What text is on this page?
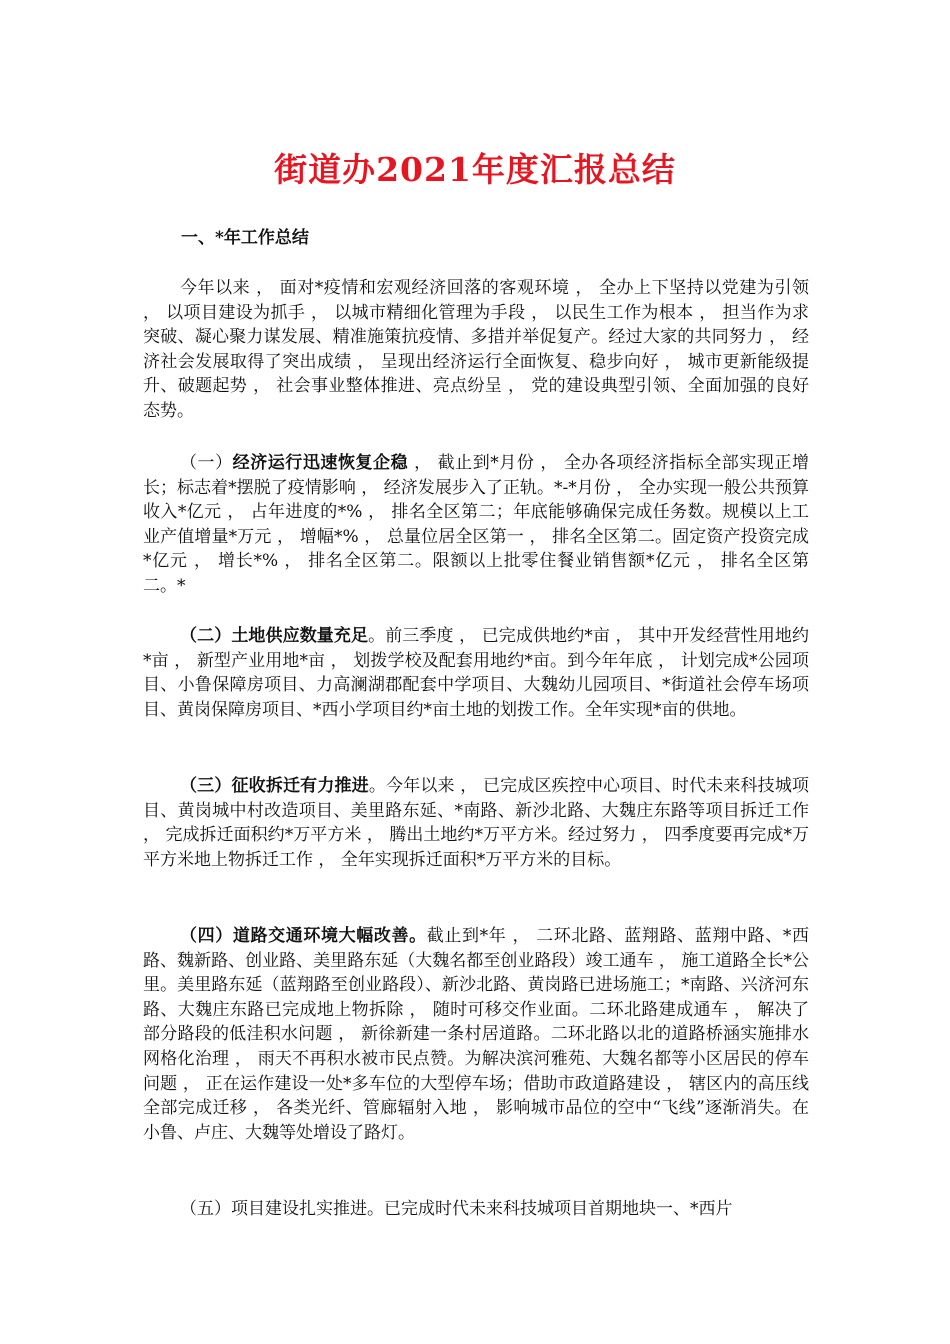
街道办2021年度汇报总结
一、*年工作总结

今年以来 ， 面对*疫情和宏观经济回落的客观环境 ， 全办上下坚持以党建为引领 ， 以项目建设为抓手 ， 以城市精细化管理为手段 ， 以民生工作为根本 ， 担当作为求突破、凝心聚力谋发展、精准施策抗疫情、多措并举促复产。经过大家的共同努力 ， 经济社会发展取得了突出成绩 ， 呈现出经济运行全面恢复、稳步向好 ， 城市更新能级提升、破题起势 ， 社会事业整体推进、亮点纷呈 ， 党的建设典型引领、全面加强的良好态势。

（一）经济运行迅速恢复企稳 ， 截止到*月份 ， 全办各项经济指标全部实现正增长；标志着*摆脱了疫情影响 ， 经济发展步入了正轨。*-*月份 ， 全办实现一般公共预算收入*亿元 ， 占年进度的*% ， 排名全区第二；年底能够确保完成任务数。规模以上工业产值增量*万元 ， 增幅*% ， 总量位居全区第一 ， 排名全区第二。固定资产投资完成*亿元 ， 增长*% ， 排名全区第二。限额以上批零住餐业销售额*亿元 ， 排名全区第二。*

（二）土地供应数量充足。前三季度 ， 已完成供地约*亩 ， 其中开发经营性用地约*亩 ， 新型产业用地*亩 ， 划拨学校及配套用地约*亩。到今年年底 ， 计划完成*公园项目、小鲁保障房项目、力高澜湖郡配套中学项目、大魏幼儿园项目、*街道社会停车场项目、黄岗保障房项目、*西小学项目约*亩土地的划拨工作。全年实现*亩的供地。

（三）征收拆迁有力推进。今年以来 ， 已完成区疾控中心项目、时代未来科技城项目、黄岗城中村改造项目、美里路东延、*南路、新沙北路、大魏庄东路等项目拆迁工作 ， 完成拆迁面积约*万平方米 ， 腾出土地约*万平方米。经过努力 ， 四季度要再完成*万平方米地上物拆迁工作 ， 全年实现拆迁面积*万平方米的目标。

（四）道路交通环境大幅改善。截止到*年 ， 二环北路、蓝翔路、蓝翔中路、*西路、魏新路、创业路、美里路东延（大魏名都至创业路段）竣工通车 ， 施工道路全长*公里。美里路东延（蓝翔路至创业路段）、新沙北路、黄岗路已进场施工；*南路、兴济河东路、大魏庄东路已完成地上物拆除 ， 随时可移交作业面。二环北路建成通车 ， 解决了部分路段的低洼积水问题 ， 新徐新建一条村居道路。二环北路以北的道路桥涵实施排水网格化治理 ， 雨天不再积水被市民点赞。为解决滨河雅苑、大魏名都等小区居民的停车问题 ， 正在运作建设一处*多车位的大型停车场；借助市政道路建设 ， 辖区内的高压线全部完成迁移 ， 各类光纤、管廊辐射入地 ， 影响城市品位的空中“飞线”逐渐消失。在小鲁、卢庄、大魏等处增设了路灯。

（五）项目建设扎实推进。已完成时代未来科技城项目首期地块一、*西片
